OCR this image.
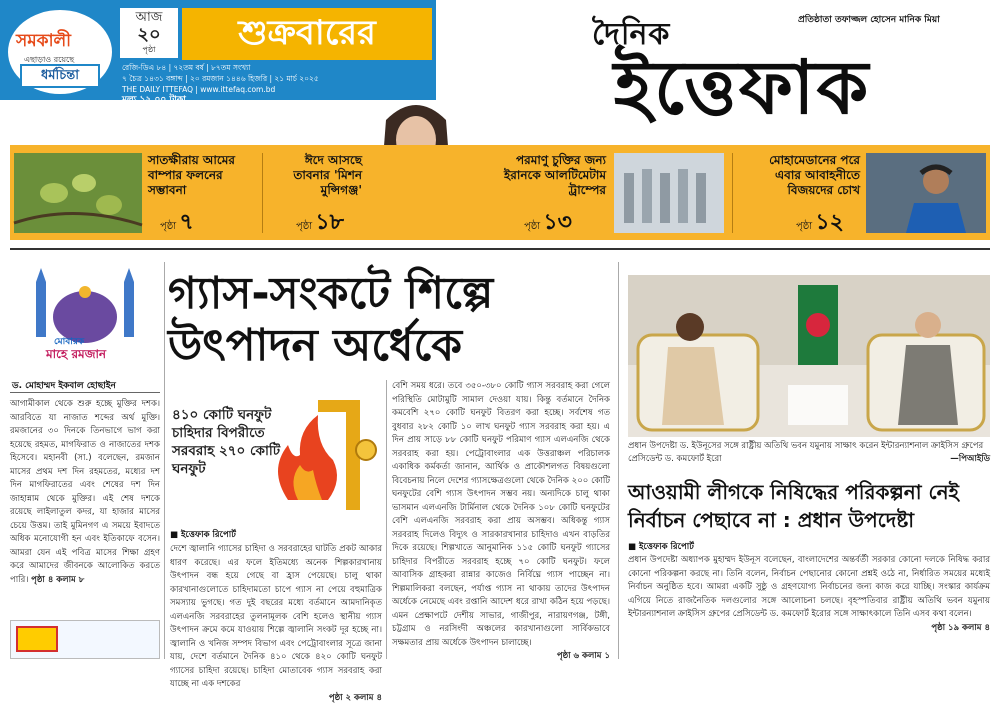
সমকালী
এছাড়াও রয়েছে
ধর্মচিন্তা
আজ
২০
পৃষ্ঠা	শুক্রবারের
রেজি-ডিএ ৮৪ | ৭২তম বর্ষ | ৮৭তম সংখ্যা
৭ চৈত্র ১৪৩১ বঙ্গাব্দ | ২০ রমজান ১৪৪৬ হিজরি | ২১ মার্চ ২০২৫
THE DAILY ITTEFAQ | www.ittefaq.com.bd
মূল্য ১২.০০ টাকা
দৈনিক	প্রতিষ্ঠাতা তফাজ্জল হোসেন মানিক মিয়া
ইত্তেফাক
সাতক্ষীরায় আমের বাম্পার ফলনের সম্ভাবনা
পৃষ্ঠা ৭
ঈদে আসছে তাবনার 'মিশন মুন্সিগঞ্জ'
পৃষ্ঠা ১৮
পরমাণু চুক্তির জন্য ইরানকে আলটিমেটাম ট্রাম্পের
পৃষ্ঠা ১৩
মোহামেডানের পরে এবার আবাহনীতে বিজয়দের চোখ
পৃষ্ঠা ১২
মোবারক
মাহে রমজান
ড. মোহাম্মদ ইকবাল হোছাইন
আগামীকাল থেকে শুরু হচ্ছে মুক্তির দশক। আরবিতে যা নাজাত শব্দের অর্থ মুক্তি। রমজানের ৩০ দিনকে তিনভাগে ভাগ করা হয়েছে রহমত, মাগফিরাত ও নাজাতের দশক হিসেবে। মহানবী (সা.) বলেছেন, রমজান মাসের প্রথম দশ দিন রহমতের, মধ্যের দশ দিন মাগফিরাতের এবং শেষের দশ দিন জাহান্নাম থেকে মুক্তির। এই শেষ দশকে রয়েছে লাইলাতুল কদর, যা হাজার মাসের চেয়ে উত্তম। তাই মুমিনগণ এ সময়ে ইবাদতে অধিক মনোযোগী হন এবং ইতিকাফে বসেন। আমরা যেন এই পবিত্র মাসের শিক্ষা গ্রহণ করে আমাদের জীবনকে আলোকিত করতে পারি। পৃষ্ঠা ৪ কলাম ৮
গ্যাস-সংকটে শিল্পে
উৎপাদন অর্ধেকে
৪১০ কোটি ঘনফুট চাহিদার বিপরীতে সরবরাহ ২৭০ কোটি ঘনফুট
■ ইত্তেফাক রিপোর্ট
দেশে জ্বালানি গ্যাসের চাহিদা ও সরবরাহের ঘাটতি প্রকট আকার ধারণ করেছে। এর ফলে ইতিমধ্যে অনেক শিল্পকারখানায় উৎপাদন বন্ধ হয়ে গেছে বা হ্রাস পেয়েছে। চালু থাকা কারখানাগুলোতে চাহিদামতো চাপে গ্যাস না পেয়ে বহুমাত্রিক সমস্যায় ভুগছে। গত দুই বছরের মধ্যে বর্তমানে আমদানিকৃত এলএনজি সরবরাহের তুলনামূলক বেশি হলেও স্থানীয় গ্যাস উৎপাদন ক্রমে কমে যাওয়ায় শিল্পে জ্বালানি সংকট দূর হচ্ছে না। জ্বালানি ও খনিজ সম্পদ বিভাগ এবং পেট্রোবাংলার সূত্রে জানা যায়, দেশে বর্তমানে দৈনিক ৪১০ থেকে ৪২০ কোটি ঘনফুট গ্যাসের চাহিদা রয়েছে। চাহিদা মোতাবেক গ্যাস সরবরাহ করা যাচ্ছে না এক দশকের
পৃষ্ঠা ২ কলাম ৪
বেশি সময় ধরে। তবে ৩৫০-৩৮০ কোটি গ্যাস সরবরাহ করা গেলে পরিস্থিতি মোটামুটি সামাল দেওয়া যায়। কিন্তু বর্তমানে দৈনিক কমবেশি ২৭০ কোটি ঘনফুট বিতরণ করা হচ্ছে। সর্বশেষ গত বুধবার ২৮২ কোটি ১০ লাখ ঘনফুট গ্যাস সরবরাহ করা হয়। এ দিন প্রায় সাড়ে ৮৮ কোটি ঘনফুট পরিমাণ গ্যাস এলএনজি থেকে সরবরাহ করা হয়। পেট্রোবাংলার এক উত্তরাঞ্চল পরিচালক একাধিক কর্মকর্তা জানান, আর্থিক ও প্রাকৌশলগত বিষয়গুলো বিবেচনায় নিলে দেশের গ্যাসক্ষেত্রগুলো থেকে দৈনিক ২০০ কোটি ঘনফুটের বেশি গ্যাস উৎপাদন সম্ভব নয়। অন্যদিকে চালু থাকা ভাসমান এলএনজি টার্মিনাল থেকে দৈনিক ১০৮ কোটি ঘনফুটের বেশি এলএনজি সরবরাহ করা প্রায় অসম্ভব। অধিকন্তু গ্যাস সরবরাহ দিলেও বিদ্যুৎ ও সারকারখানার চাহিদাও এখন বাড়তির দিকে রয়েছে। শিল্পখাতে আনুমানিক ১১৫ কোটি ঘনফুট গ্যাসের চাহিদার বিপরীতে সরবরাহ হচ্ছে ৭০ কোটি ঘনফুট। ফলে আবাসিক গ্রাহকরা রান্নার কাজেও নির্বিঘ্নে গ্যাস পাচ্ছেন না। শিল্পমালিকরা বলছেন, পর্যাপ্ত গ্যাস না থাকায় তাদের উৎপাদন অর্ধেকে নেমেছে এবং রপ্তানি আদেশ ধরে রাখা কঠিন হয়ে পড়ছে। এমন প্রেক্ষাপটে দেশীয় সাভার, গাজীপুর, নারায়ণগঞ্জ, টঙ্গী, চট্টগ্রাম ও নরসিংদী অঞ্চলের কারখানাগুলো সার্বিকভাবে সক্ষমতার প্রায় অর্ধেকে উৎপাদন চালাচ্ছে।
পৃষ্ঠা ৬ কলাম ১
প্রধান উপদেষ্টা ড. ইউনূসের সঙ্গে রাষ্ট্রীয় অতিথি ভবন যমুনায় সাক্ষাৎ করেন ইন্টারন্যাশনাল ক্রাইসিস গ্রুপের প্রেসিডেন্ট ড. কমফোর্ট ইরো	—পিআইডি
আওয়ামী লীগকে নিষিদ্ধের পরিকল্পনা নেই
নির্বাচন পেছাবে না : প্রধান উপদেষ্টা
■ ইত্তেফাক রিপোর্ট
প্রধান উপদেষ্টা অধ্যাপক মুহাম্মদ ইউনূস বলেছেন, বাংলাদেশের অন্তর্বর্তী সরকার কোনো দলকে নিষিদ্ধ করার কোনো পরিকল্পনা করছে না। তিনি বলেন, নির্বাচন পেছানোর কোনো প্রশ্নই ওঠে না, নির্ধারিত সময়ের মধ্যেই নির্বাচন অনুষ্ঠিত হবে। আমরা একটি সুষ্ঠু ও গ্রহণযোগ্য নির্বাচনের জন্য কাজ করে যাচ্ছি। সংস্কার কার্যক্রম এগিয়ে নিতে রাজনৈতিক দলগুলোর সঙ্গে আলোচনা চলছে। বৃহস্পতিবার রাষ্ট্রীয় অতিথি ভবন যমুনায় ইন্টারন্যাশনাল ক্রাইসিস গ্রুপের প্রেসিডেন্ট ড. কমফোর্ট ইরোর সঙ্গে সাক্ষাৎকালে তিনি এসব কথা বলেন।
পৃষ্ঠা ১৯ কলাম ৪
